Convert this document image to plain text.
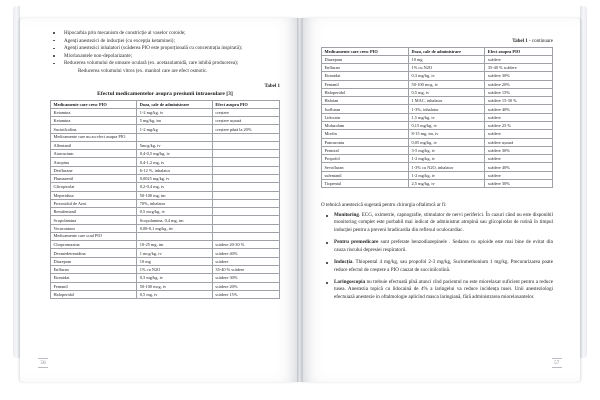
Hipocarbia prin mecanism de constricție al vaselor coroide;
Agenți anestezici de inducției (cu excepția ketaminei);
Agenți anestezici inhalatori (scăderea PIO este proporțională cu concentrația inspirată);
Miorlaxantele non-depolarizante;
Reducerea volumului de umoare oculară (ex. acetazolamidă, care inhibă producerea);
Reducerea volumului vitros (ex. manitol care are efect osmotic.
Tabel 1
Efectul medicamentelor asupra presiunii intraosulare [3]
Medicamente care cresc PIO	Doza, cale de administrare	Efect asupra PIO
Ketamina	1-2 mg/kg, iv	creștere
Ketamina	5 mg/kg, im	creștere ușoară
Sucinilcolina	1-2 mg/kg	creștere până la 20%
Medicamente care nu au efect asupra PIO		
Alfentanil	5mcg/kg, iv	
Atracurium	0,4-0,5 mg/kg, iv	
Atropina	0,4-1,2 mg, iv	
Desflurane	6-12 %, inhalator	
Flumazenil	0,0025 mg/kg, iv	
Glicopirolat	0,2-0,4 mg, iv	
Meperidina	50-100 mg, im	
Protoxidul de Azot	70%, inhalator	
Remifentanil	0,5 mcg/kg, iv	
Scopolamina	Scopolamina, 0,4 mg, im	
Vecuronium	0,08-0,1 mg/kg, iiv	
Medicamente care scad PIO		
Clorpromazina	10-25 mg, im	scădere 20-30 %
Dexmedetomidina	1 mcg/kg, iv	scădere 40%
Diazepam	10 mg	scădere
Enfluran	1% cu N2O	35-40 % scădere
Etomidat	0,3 mg/kg, iv	scădere 30%
Fentanil	50-100 mcg, iv	scădere 20%
Haloperidol	0,5 mg, iv	scădere 15%
56
Tabel 1 - continuare
Medicamente care cresc PIO	Doza, cale de administrare	Efect asupra PIO
Diazepam	10 mg	scădere
Enfluran	1% cu N2O	35-40 % scădere
Etomidat	0,3 mg/kg, iv	scădere 30%
Fentanil	50-100 mcg, iv	scădere 20%
Haloperidol	0,5 mg, iv	scădere 15%
Halotan	1 MAC, inhalator	scădere 15-30 %
Isofluran	1-3%, inhalator	scădere 40%
Lidocain	1,5 mg/kg, iv	scădere
Midazolam	0,15 mg/kg, iv	scădere 25 %
Morfin	8-15 mg, im, iv	scădere
Pancuroniu	0,05 mg/kg, iv	scădere ușoară
Pentotal	3-5 mg/kg, iv	scădere 30%
Propofol	1-2 mg/kg, iv	scădere
Sevofluran	1-3% cu N2O, inhalator	scădere 40%
sufentanil	1-2 mg/kg, iv	scădere
Tiopental	2,5 mg/kg, iv	scădere 30%
O tehnică anestezică sugerată pentru chirurgia oftalimcă ar fi:
Monitoring. ECG, oximetrie, capnografie, stimulator de nervi periferici. În cazuri când nu este disponibil monitoring complet este porbabil mai indicat de administrat atropină sau glicopirolat de rutină în timpul inducției pentru a preveni bradicardia din reflexul oculocardiac.
Pentru premedicare sunt preferate benzodiazepinele . Sedarea cu opioide este mai bine de evitat din cauza riscului depresiei respiratorii.
Inducția. Thiopental 4 mg/kg, sau propofol 2-3 mg/kg, Sucinmethonium 1 mg/kg. Precurarizarea poate reduce efectul de creștere a PIO cauzat de succinilcolină.
Laringoscopia nu trebuie efectuată pînă atunci cînd pacientul nu este miorelaxat suficient pentru a reduce tusea. Anestezia topică cu lidocaină de 4% a laringelui va reduce incidența tusei. Unii anesteziologi efectuiază anestezie in oftalmologie aplicînd masca laringiană, fără administrarea miorelaxantelor.
57
